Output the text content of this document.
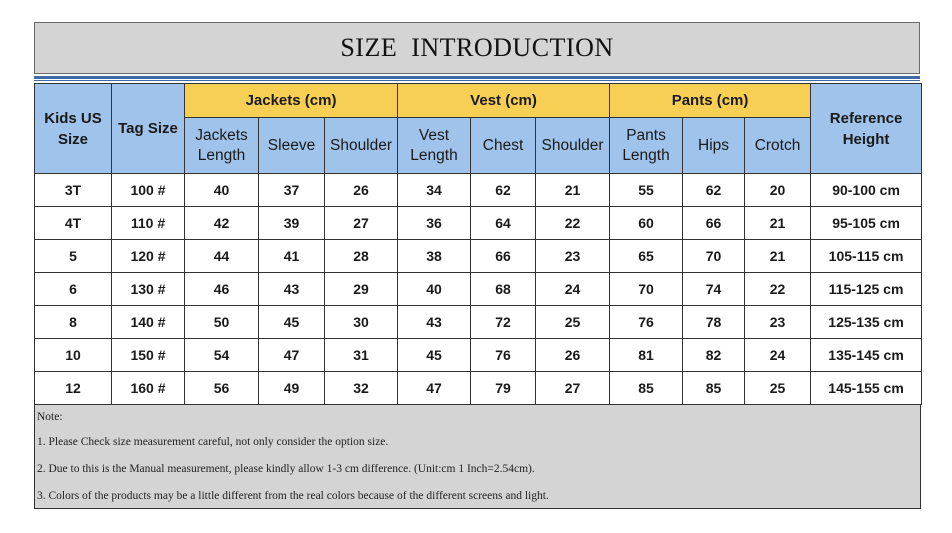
SIZE  INTRODUCTION
Kids US Size	Tag Size	Jackets (cm)			Vest (cm)			Pants (cm)			Reference Height
		Jackets Length	Sleeve	Shoulder	Vest Length	Chest	Shoulder	Pants Length	Hips	Crotch	
3T	100 #	40	37	26	34	62	21	55	62	20	90-100 cm
4T	110 #	42	39	27	36	64	22	60	66	21	95-105 cm
5	120 #	44	41	28	38	66	23	65	70	21	105-115 cm
6	130 #	46	43	29	40	68	24	70	74	22	115-125 cm
8	140 #	50	45	30	43	72	25	76	78	23	125-135 cm
10	150 #	54	47	31	45	76	26	81	82	24	135-145 cm
12	160 #	56	49	32	47	79	27	85	85	25	145-155 cm
Note:
1. Please Check size measurement careful, not only consider the option size.
2. Due to this is the Manual measurement, please kindly allow 1-3 cm difference. (Unit:cm 1 Inch=2.54cm).
3. Colors of the products may be a little different from the real colors because of the different screens and light.
